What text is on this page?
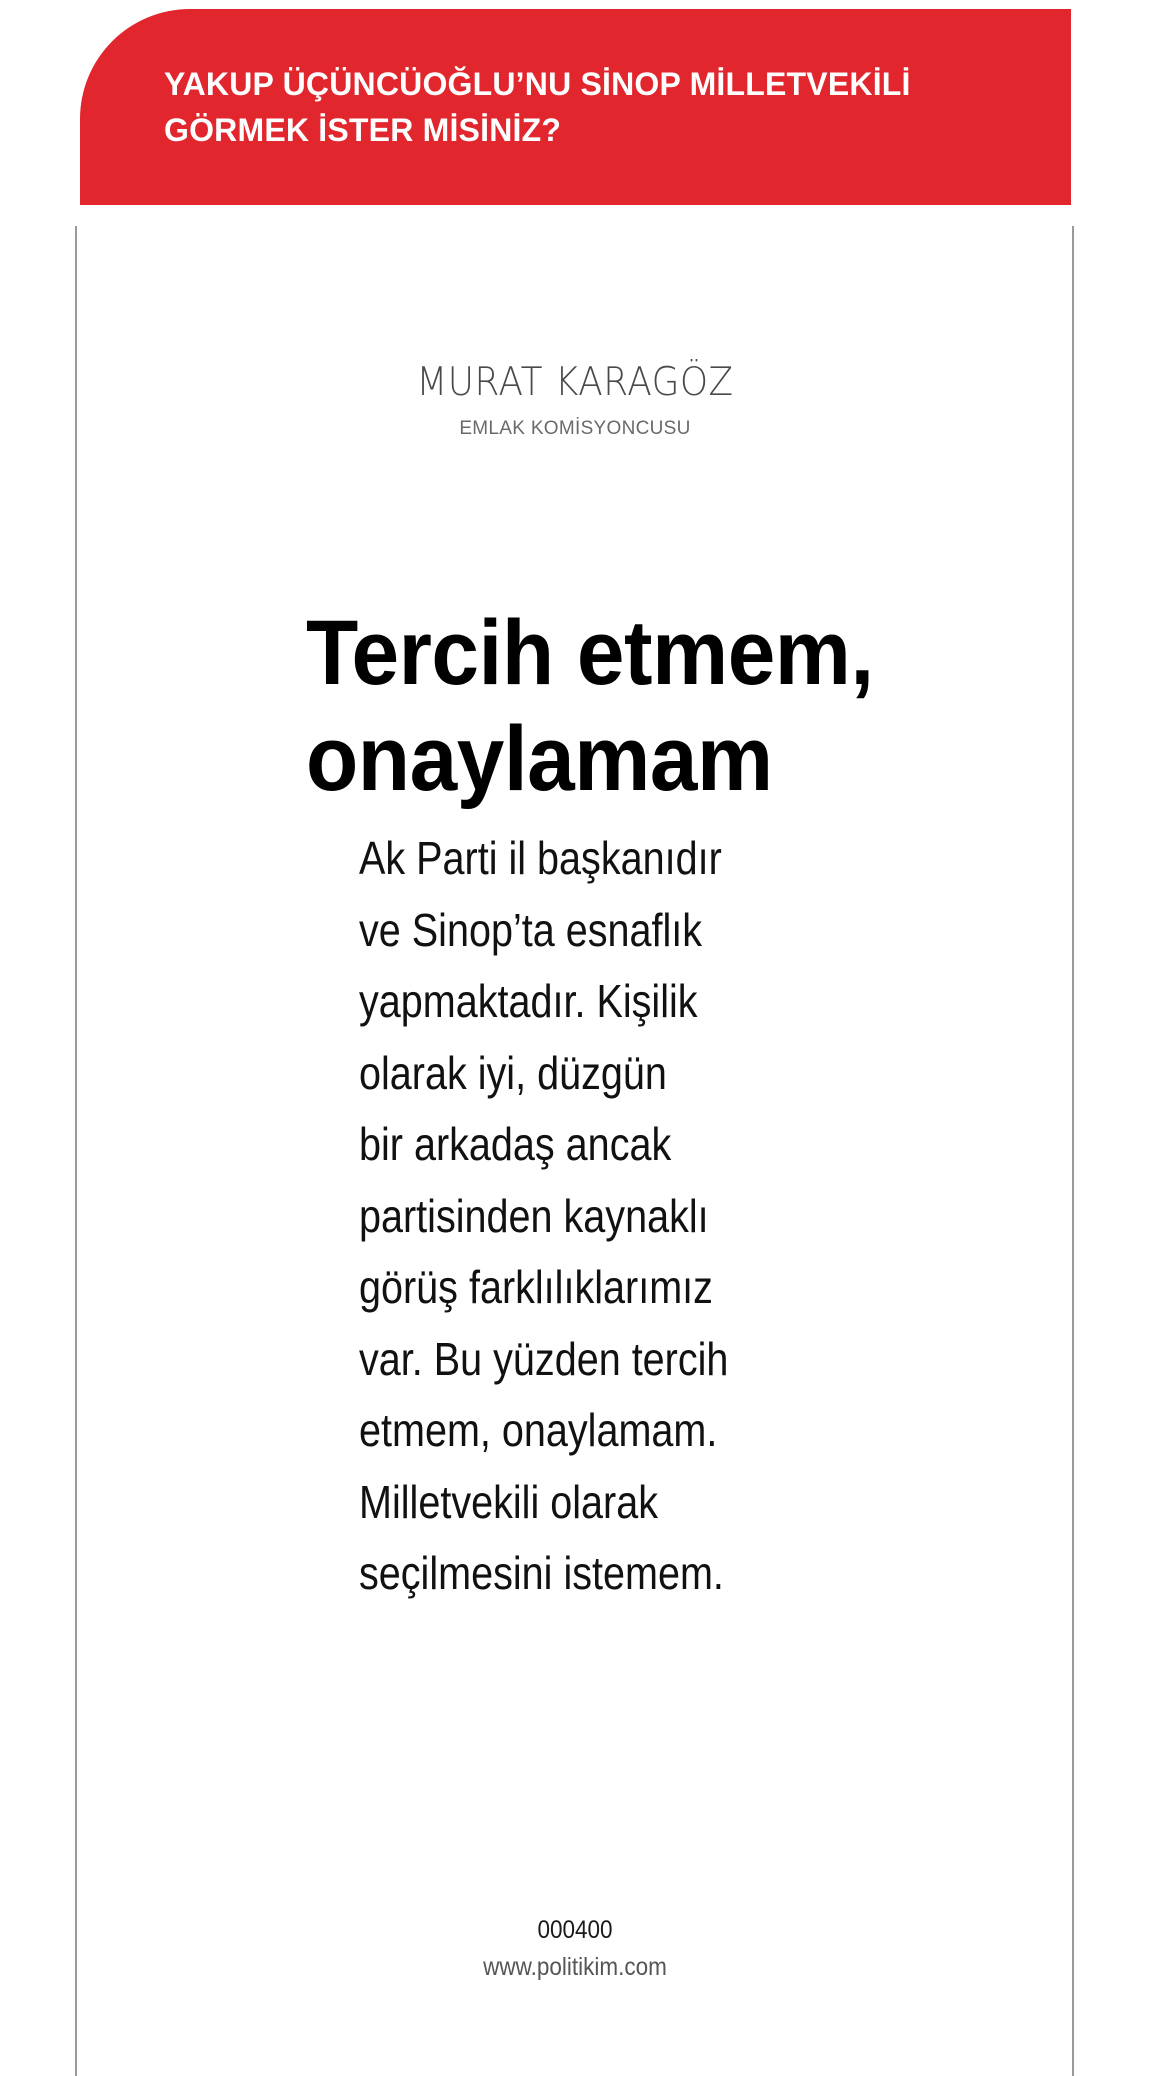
YAKUP ÜÇÜNCÜOĞLU’NU SİNOP MİLLETVEKİLİ
GÖRMEK İSTER MİSİNİZ?
MURAT KARAGÖZ
EMLAK KOMİSYONCUSU
Tercih etmem,
onaylamam
Ak Parti il başkanıdır
ve Sinop’ta esnaflık
yapmaktadır. Kişilik
olarak iyi, düzgün
bir arkadaş ancak
partisinden kaynaklı
görüş farklılıklarımız
var. Bu yüzden tercih
etmem, onaylamam.
Milletvekili olarak
seçilmesini istemem.
000400
www.politikim.com
